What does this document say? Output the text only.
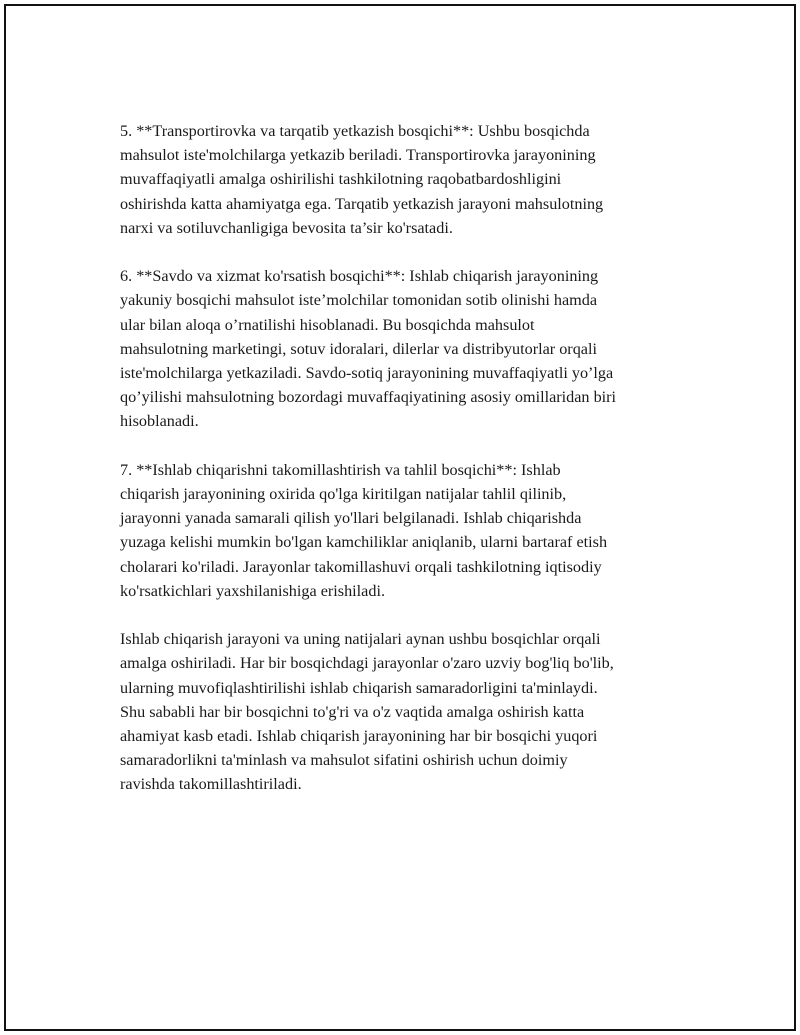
5. **Transportirovka va tarqatib yetkazish bosqichi**: Ushbu bosqichda
mahsulot iste'molchilarga yetkazib beriladi. Transportirovka jarayonining
muvaffaqiyatli amalga oshirilishi tashkilotning raqobatbardoshligini
oshirishda katta ahamiyatga ega. Tarqatib yetkazish jarayoni mahsulotning
narxi va sotiluvchanligiga bevosita ta’sir ko'rsatadi.

6. **Savdo va xizmat ko'rsatish bosqichi**: Ishlab chiqarish jarayonining
yakuniy bosqichi mahsulot iste’molchilar tomonidan sotib olinishi hamda
ular bilan aloqa o’rnatilishi hisoblanadi. Bu bosqichda mahsulot
mahsulotning marketingi, sotuv idoralari, dilerlar va distribyutorlar orqali
iste'molchilarga yetkaziladi. Savdo-sotiq jarayonining muvaffaqiyatli yo’lga
qo’yilishi mahsulotning bozordagi muvaffaqiyatining asosiy omillaridan biri
hisoblanadi.

7. **Ishlab chiqarishni takomillashtirish va tahlil bosqichi**: Ishlab
chiqarish jarayonining oxirida qo'lga kiritilgan natijalar tahlil qilinib,
jarayonni yanada samarali qilish yo'llari belgilanadi. Ishlab chiqarishda
yuzaga kelishi mumkin bo'lgan kamchiliklar aniqlanib, ularni bartaraf etish
cholarari ko'riladi. Jarayonlar takomillashuvi orqali tashkilotning iqtisodiy
ko'rsatkichlari yaxshilanishiga erishiladi.

Ishlab chiqarish jarayoni va uning natijalari aynan ushbu bosqichlar orqali
amalga oshiriladi. Har bir bosqichdagi jarayonlar o'zaro uzviy bog'liq bo'lib,
ularning muvofiqlashtirilishi ishlab chiqarish samaradorligini ta'minlaydi.
Shu sababli har bir bosqichni to'g'ri va o'z vaqtida amalga oshirish katta
ahamiyat kasb etadi. Ishlab chiqarish jarayonining har bir bosqichi yuqori
samaradorlikni ta'minlash va mahsulot sifatini oshirish uchun doimiy
ravishda takomillashtiriladi.
